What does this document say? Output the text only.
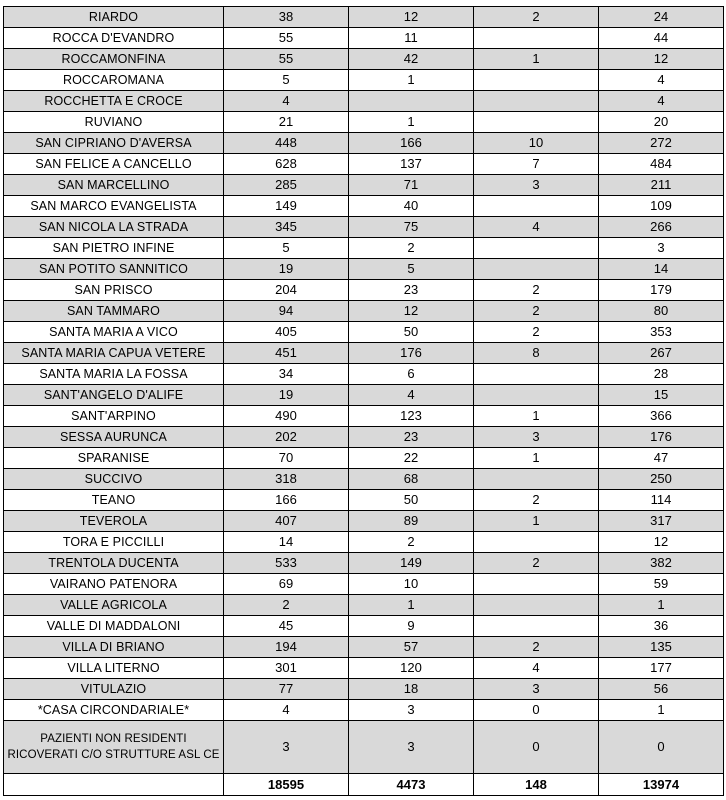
RIARDO	38	12	2	24
ROCCA D'EVANDRO	55	11		44
ROCCAMONFINA	55	42	1	12
ROCCAROMANA	5	1		4
ROCCHETTA E CROCE	4			4
RUVIANO	21	1		20
SAN CIPRIANO D'AVERSA	448	166	10	272
SAN FELICE A CANCELLO	628	137	7	484
SAN MARCELLINO	285	71	3	211
SAN MARCO EVANGELISTA	149	40		109
SAN NICOLA LA STRADA	345	75	4	266
SAN PIETRO INFINE	5	2		3
SAN POTITO SANNITICO	19	5		14
SAN PRISCO	204	23	2	179
SAN TAMMARO	94	12	2	80
SANTA MARIA A VICO	405	50	2	353
SANTA MARIA CAPUA VETERE	451	176	8	267
SANTA MARIA LA FOSSA	34	6		28
SANT'ANGELO D'ALIFE	19	4		15
SANT'ARPINO	490	123	1	366
SESSA AURUNCA	202	23	3	176
SPARANISE	70	22	1	47
SUCCIVO	318	68		250
TEANO	166	50	2	114
TEVEROLA	407	89	1	317
TORA E PICCILLI	14	2		12
TRENTOLA DUCENTA	533	149	2	382
VAIRANO PATENORA	69	10		59
VALLE AGRICOLA	2	1		1
VALLE DI MADDALONI	45	9		36
VILLA DI BRIANO	194	57	2	135
VILLA LITERNO	301	120	4	177
VITULAZIO	77	18	3	56
*CASA CIRCONDARIALE*	4	3	0	1
PAZIENTI NON RESIDENTI RICOVERATI C/O STRUTTURE ASL CE	3	3	0	0
	18595	4473	148	13974
